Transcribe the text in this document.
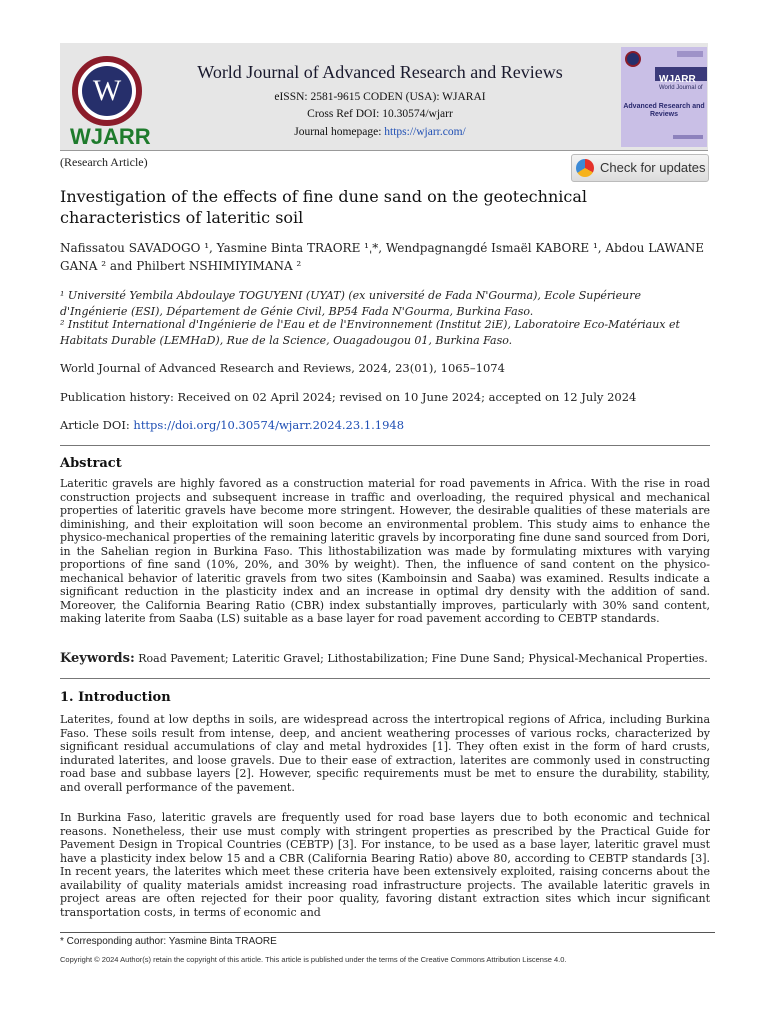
W
WJARR
World Journal of Advanced Research and Reviews
eISSN: 2581-9615 CODEN (USA): WJARAI
Cross Ref DOI: 10.30574/wjarr
Journal homepage: https://wjarr.com/
WJARR
World Journal of
Advanced Research and Reviews
(Research Article)	Check for updates
Investigation of the effects of fine dune sand on the geotechnical characteristics of lateritic soil
Nafissatou SAVADOGO ¹, Yasmine Binta TRAORE ¹ˌ*, Wendpagnangdé Ismaël KABORE ¹, Abdou LAWANE
GANA ² and Philbert NSHIMIYIMANA ²
¹ Université Yembila Abdoulaye TOGUYENI (UYAT) (ex université de Fada N'Gourma), Ecole Supérieure d'Ingénierie (ESI), Département de Génie Civil, BP54 Fada N'Gourma, Burkina Faso.
² Institut International d'Ingénierie de l'Eau et de l'Environnement (Institut 2iE), Laboratoire Eco-Matériaux et Habitats Durable (LEMHaD), Rue de la Science, Ouagadougou 01, Burkina Faso.
World Journal of Advanced Research and Reviews, 2024, 23(01), 1065–1074
Publication history: Received on 02 April 2024; revised on 10 June 2024; accepted on 12 July 2024
Article DOI: https://doi.org/10.30574/wjarr.2024.23.1.1948
Abstract
Lateritic gravels are highly favored as a construction material for road pavements in Africa. With the rise in road construction projects and subsequent increase in traffic and overloading, the required physical and mechanical properties of lateritic gravels have become more stringent. However, the desirable qualities of these materials are diminishing, and their exploitation will soon become an environmental problem. This study aims to enhance the physico-mechanical properties of the remaining lateritic gravels by incorporating fine dune sand sourced from Dori, in the Sahelian region in Burkina Faso. This lithostabilization was made by formulating mixtures with varying proportions of fine sand (10%, 20%, and 30% by weight). Then, the influence of sand content on the physico-mechanical behavior of lateritic gravels from two sites (Kamboinsin and Saaba) was examined. Results indicate a significant reduction in the plasticity index and an increase in optimal dry density with the addition of sand. Moreover, the California Bearing Ratio (CBR) index substantially improves, particularly with 30% sand content, making laterite from Saaba (LS) suitable as a base layer for road pavement according to CEBTP standards.
Keywords: Road Pavement; Lateritic Gravel; Lithostabilization; Fine Dune Sand; Physical-Mechanical Properties.
1. Introduction
Laterites, found at low depths in soils, are widespread across the intertropical regions of Africa, including Burkina Faso. These soils result from intense, deep, and ancient weathering processes of various rocks, characterized by significant residual accumulations of clay and metal hydroxides [1]. They often exist in the form of hard crusts, indurated laterites, and loose gravels. Due to their ease of extraction, laterites are commonly used in constructing road base and subbase layers [2]. However, specific requirements must be met to ensure the durability, stability, and overall performance of the pavement.
In Burkina Faso, lateritic gravels are frequently used for road base layers due to both economic and technical reasons. Nonetheless, their use must comply with stringent properties as prescribed by the Practical Guide for Pavement Design in Tropical Countries (CEBTP) [3]. For instance, to be used as a base layer, lateritic gravel must have a plasticity index below 15 and a CBR (California Bearing Ratio) above 80, according to CEBTP standards [3]. In recent years, the laterites which meet these criteria have been extensively exploited, raising concerns about the availability of quality materials amidst increasing road infrastructure projects. The available lateritic gravels in project areas are often rejected for their poor quality, favoring distant extraction sites which incur significant transportation costs, in terms of economic and
* Corresponding author: Yasmine Binta TRAORE
Copyright © 2024 Author(s) retain the copyright of this article. This article is published under the terms of the Creative Commons Attribution Liscense 4.0.
